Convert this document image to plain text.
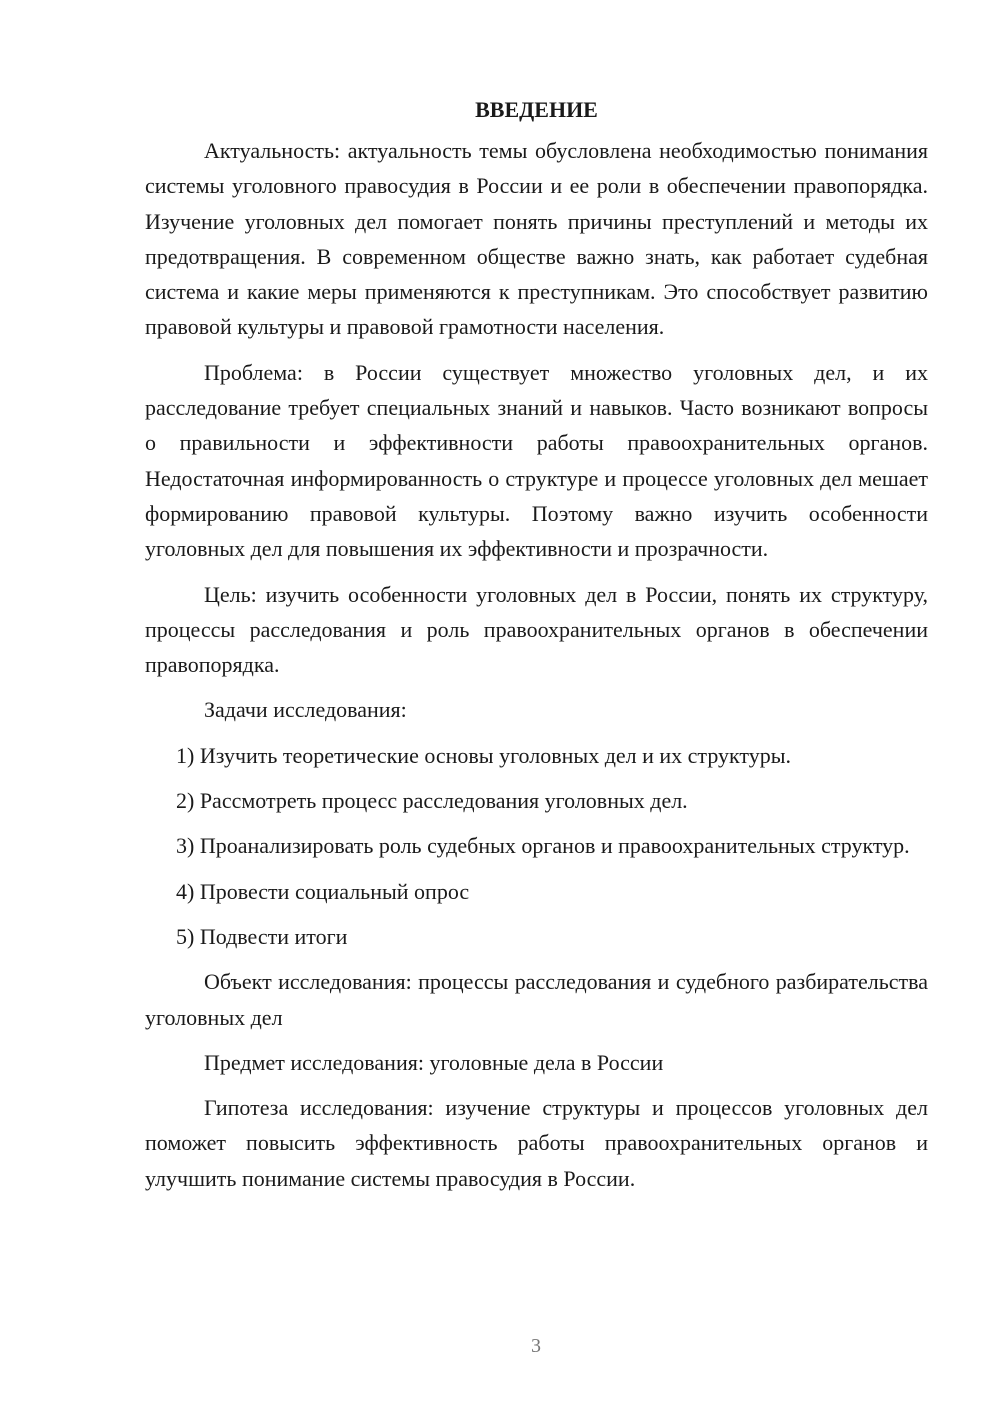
ВВЕДЕНИЕ

Актуальность: актуальность темы обусловлена необходимостью понимания системы уголовного правосудия в России и ее роли в обеспечении правопорядка. Изучение уголовных дел помогает понять причины преступлений и методы их предотвращения. В современном обществе важно знать, как работает судебная система и какие меры применяются к преступникам. Это способствует развитию правовой культуры и правовой грамотности населения.

Проблема: в России существует множество уголовных дел, и их расследование требует специальных знаний и навыков. Часто возникают вопросы о правильности и эффективности работы правоохранительных органов. Недостаточная информированность о структуре и процессе уголовных дел мешает формированию правовой культуры. Поэтому важно изучить особенности уголовных дел для повышения их эффективности и прозрачности.

Цель: изучить особенности уголовных дел в России, понять их структуру, процессы расследования и роль правоохранительных органов в обеспечении правопорядка.

Задачи исследования:

1) Изучить теоретические основы уголовных дел и их структуры.

2) Рассмотреть процесс расследования уголовных дел.

3) Проанализировать роль судебных органов и правоохранительных структур.

4) Провести социальный опрос

5) Подвести итоги

Объект исследования: процессы расследования и судебного разбирательства уголовных дел

Предмет исследования: уголовные дела в России

Гипотеза исследования: изучение структуры и процессов уголовных дел поможет повысить эффективность работы правоохранительных органов и улучшить понимание системы правосудия в России.

3
